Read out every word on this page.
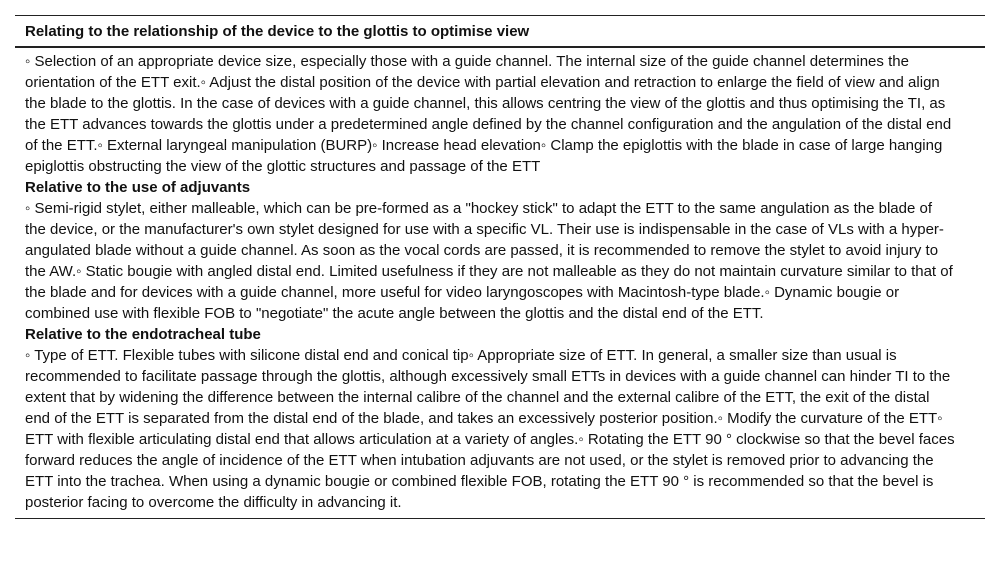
Relating to the relationship of the device to the glottis to optimise view
◦ Selection of an appropriate device size, especially those with a guide channel. The internal size of the guide channel determines the orientation of the ETT exit.◦ Adjust the distal position of the device with partial elevation and retraction to enlarge the field of view and align the blade to the glottis. In the case of devices with a guide channel, this allows centring the view of the glottis and thus optimising the TI, as the ETT advances towards the glottis under a predetermined angle defined by the channel configuration and the angulation of the distal end of the ETT.◦ External laryngeal manipulation (BURP)◦ Increase head elevation◦ Clamp the epiglottis with the blade in case of large hanging epiglottis obstructing the view of the glottic structures and passage of the ETT
Relative to the use of adjuvants
◦ Semi-rigid stylet, either malleable, which can be pre-formed as a "hockey stick" to adapt the ETT to the same angulation as the blade of the device, or the manufacturer's own stylet designed for use with a specific VL. Their use is indispensable in the case of VLs with a hyper-angulated blade without a guide channel. As soon as the vocal cords are passed, it is recommended to remove the stylet to avoid injury to the AW.◦ Static bougie with angled distal end. Limited usefulness if they are not malleable as they do not maintain curvature similar to that of the blade and for devices with a guide channel, more useful for video laryngoscopes with Macintosh-type blade.◦ Dynamic bougie or combined use with flexible FOB to "negotiate" the acute angle between the glottis and the distal end of the ETT.
Relative to the endotracheal tube
◦ Type of ETT. Flexible tubes with silicone distal end and conical tip◦ Appropriate size of ETT. In general, a smaller size than usual is recommended to facilitate passage through the glottis, although excessively small ETTs in devices with a guide channel can hinder TI to the extent that by widening the difference between the internal calibre of the channel and the external calibre of the ETT, the exit of the distal end of the ETT is separated from the distal end of the blade, and takes an excessively posterior position.◦ Modify the curvature of the ETT◦ ETT with flexible articulating distal end that allows articulation at a variety of angles.◦ Rotating the ETT 90 ° clockwise so that the bevel faces forward reduces the angle of incidence of the ETT when intubation adjuvants are not used, or the stylet is removed prior to advancing the ETT into the trachea. When using a dynamic bougie or combined flexible FOB, rotating the ETT 90 ° is recommended so that the bevel is posterior facing to overcome the difficulty in advancing it.
